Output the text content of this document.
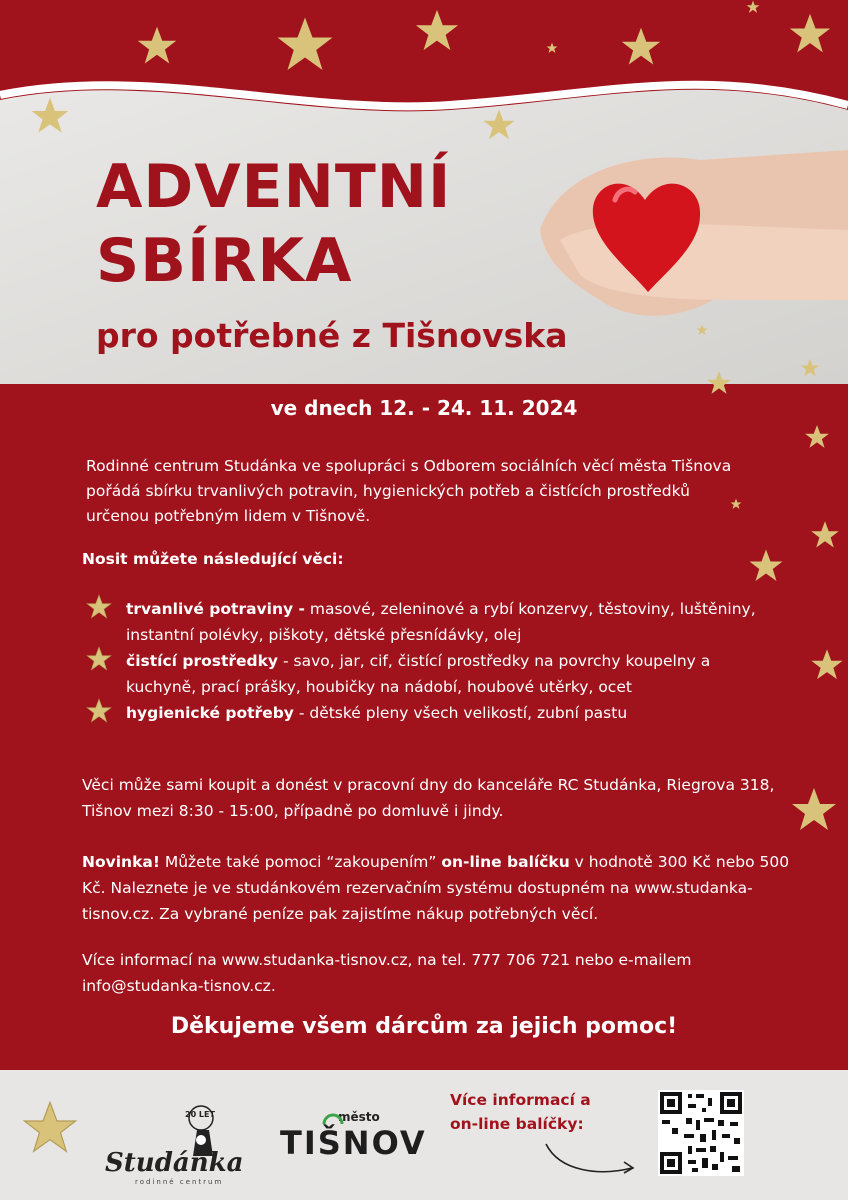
ADVENTNÍ
SBÍRKA
pro potřebné z Tišnovska
ve dnech 12. - 24. 11. 2024
Rodinné centrum Studánka ve spolupráci s Odborem sociálních věcí města Tišnova pořádá sbírku trvanlivých potravin, hygienických potřeb a čistících prostředků určenou potřebným lidem v Tišnově.
Nosit můžete následující věci:
trvanlivé potraviny - masové, zeleninové a rybí konzervy, těstoviny, luštěniny, instantní polévky, piškoty, dětské přesnídávky, olej
čistící prostředky - savo, jar, cif, čistící prostředky na povrchy koupelny a kuchyně, prací prášky, houbičky na nádobí, houbové utěrky, ocet
hygienické potřeby - dětské pleny všech velikostí, zubní pastu
Věci může sami koupit a donést v pracovní dny do kanceláře RC Studánka, Riegrova 318, Tišnov mezi 8:30 - 15:00, případně po domluvě i jindy.
Novinka! Můžete také pomoci “zakoupením” on-line balíčku v hodnotě 300 Kč nebo 500 Kč. Naleznete je ve studánkovém rezervačním systému dostupném na www.studanka-tisnov.cz. Za vybrané peníze pak zajistíme nákup potřebných věcí.
Více informací na www.studanka-tisnov.cz, na tel. 777 706 721 nebo e-mailem info@studanka-tisnov.cz.
Děkujeme všem dárcům za jejich pomoc!
20 LET
Studánka
rodinné centrum
město
TIŠNOV
Více informací a
on-line balíčky:
